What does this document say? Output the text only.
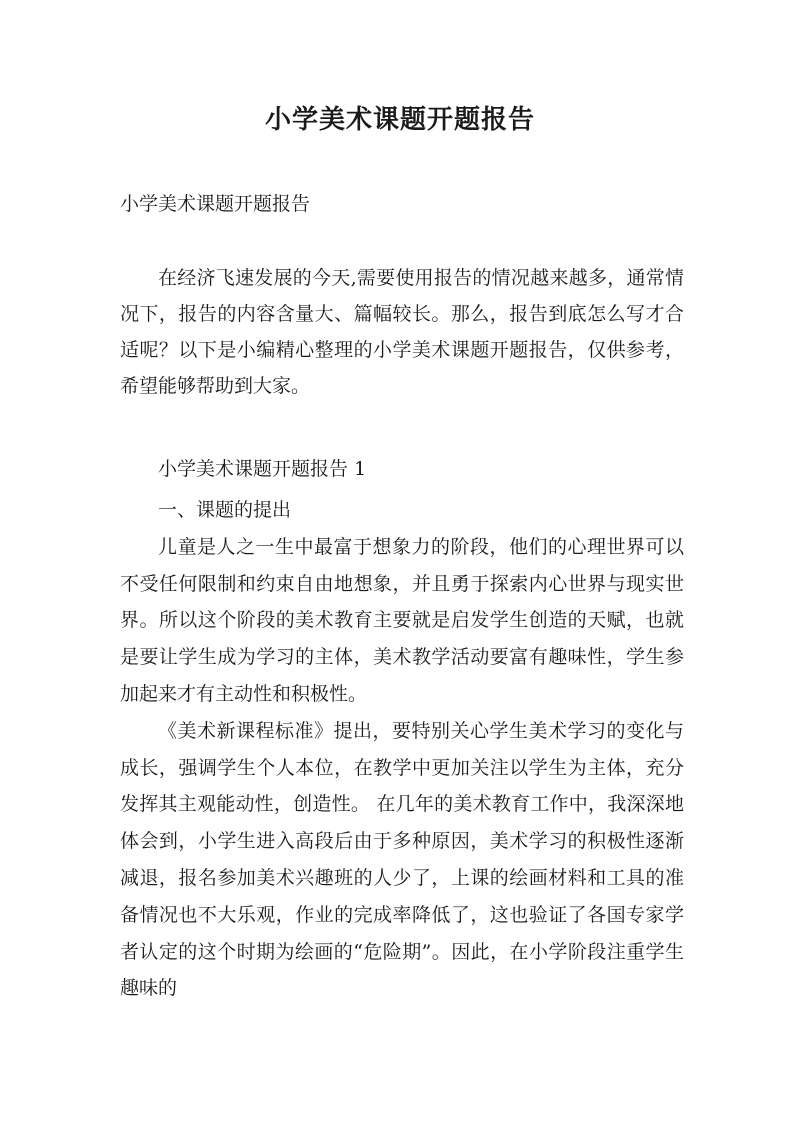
小学美术课题开题报告

小学美术课题开题报告

在经济飞速发展的今天,需要使用报告的情况越来越多，通常情况下，报告的内容含量大、篇幅较长。那么，报告到底怎么写才合适呢？以下是小编精心整理的小学美术课题开题报告，仅供参考，希望能够帮助到大家。

小学美术课题开题报告 1

一、课题的提出

儿童是人之一生中最富于想象力的阶段，他们的心理世界可以不受任何限制和约束自由地想象，并且勇于探索内心世界与现实世界。所以这个阶段的美术教育主要就是启发学生创造的天赋，也就是要让学生成为学习的主体，美术教学活动要富有趣味性，学生参加起来才有主动性和积极性。

《美术新课程标准》提出，要特别关心学生美术学习的变化与成长，强调学生个人本位，在教学中更加关注以学生为主体，充分发挥其主观能动性，创造性。 在几年的美术教育工作中，我深深地体会到，小学生进入高段后由于多种原因，美术学习的积极性逐渐减退，报名参加美术兴趣班的人少了，上课的绘画材料和工具的准备情况也不大乐观，作业的完成率降低了，这也验证了各国专家学者认定的这个时期为绘画的“危险期”。因此，在小学阶段注重学生趣味的
